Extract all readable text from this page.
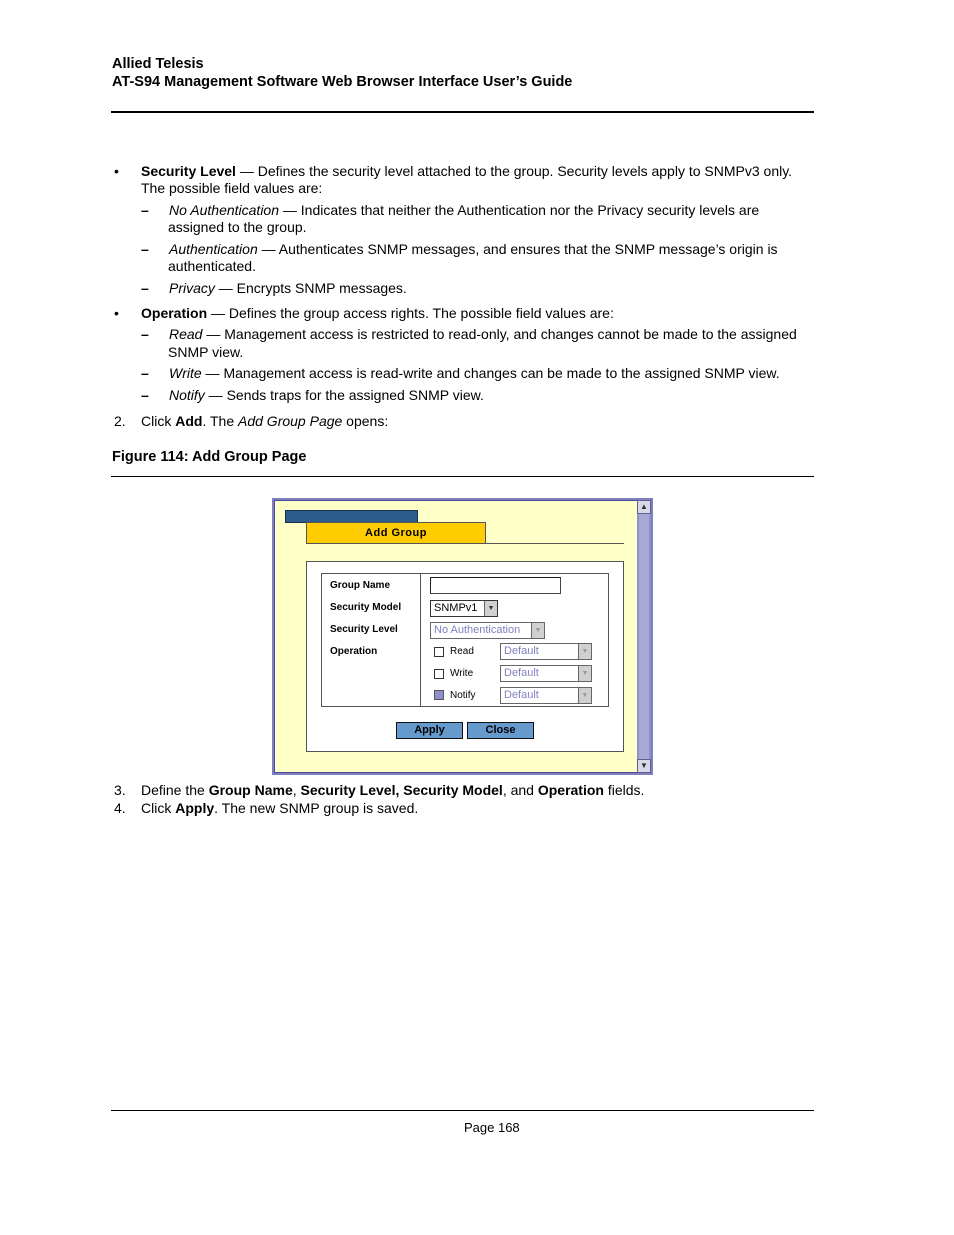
Allied Telesis
AT-S94 Management Software Web Browser Interface User’s Guide
• Security Level — Defines the security level attached to the group. Security levels apply to SNMPv3 only.
The possible field values are:
– No Authentication — Indicates that neither the Authentication nor the Privacy security levels are
assigned to the group.
– Authentication — Authenticates SNMP messages, and ensures that the SNMP message’s origin is
authenticated.
– Privacy — Encrypts SNMP messages.
• Operation — Defines the group access rights. The possible field values are:
– Read — Management access is restricted to read-only, and changes cannot be made to the assigned
SNMP view.
– Write — Management access is read-write and changes can be made to the assigned SNMP view.
– Notify — Sends traps for the assigned SNMP view.
2. Click Add. The Add Group Page opens:
Figure 114: Add Group Page
▲
▼
Add Group
Group Name
Security Model	SNMPv1	▼
Security Level	No Authentication	▼
Operation	Read	Default	▼
Write	Default	▼
Notify	Default	▼
Apply	Close
3. Define the Group Name, Security Level, Security Model, and Operation fields.
4. Click Apply. The new SNMP group is saved.
Page 168
